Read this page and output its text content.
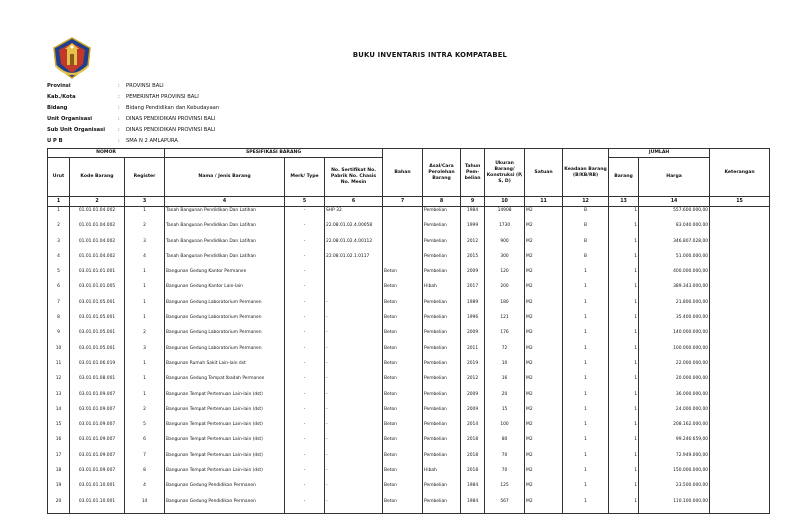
BUKU INVENTARIS INTRA KOMPATABEL
Provinsi	:	PROVINSI BALI
Kab./Kota	:	PEMERINTAH PROVINSI BALI
Bidang	:	Bidang Pendidikan dan Kebudayaan
Unit Organisasi	:	DINAS PENDIDIKAN PROVINSI BALI
Sub Unit Organisasi	:	DINAS PENDIDIKAN PROVINSI BALI
U P B	:	SMA N 2 AMLAPURA
NOMOR			SPESIFIKASI BARANG			Bahan	Asal/Cara Perolehan Barang	Tahun Pem- belian	Ukuran Barang/ Konstruksi (P, S, D)	Satuan	Keadaan Barang (B/KB/RB)	JUMLAH		Keterangan
Urut	Kode Barang	Register	Nama / Jenis Barang	Merk/ Type	No. Sertifikat No. Pabrik No. Chasis No. Mesin							Barang	Harga	
1	2	3	4	5	6	7	8	9	10	11	12	13	14	15
1	01.01.01.04.002	1	Tanah Bangunan Pendidikan Dan Latihan	-	SHP 32		Pembelian	1984	14908	M2	B	1	557.600.000,00	
2	01.01.01.04.002	2	Tanah Bangunan Pendidikan Dan Latihan	-	22.08.01.02.4.00058		Pembelian	1999	1730	M2	B	1	83.040.000,00	
3	01.01.01.04.002	3	Tanah Bangunan Pendidikan Dan Latihan	-	22.08.01.02.4.00112		Pembelian	2012	900	M2	B	1	346.807.028,00	
4	01.01.01.04.002	4	Tanah Bangunan Pendidikan Dan Latihan	-	22.08.01.02.1.0117		Pembelian	2015	300	M2	B	1	51.000.000,00	
5	03.01.01.01.001	1	Bangunan Gedung Kantor Permanen	-		Beton	Pembelian	2009	120	M2	1	1	400.000.000,00	
6	03.01.01.01.005	1	Bangunan Gedung Kantor Lain-lain	-		Beton	Hibah	2017	200	M2	1	1	389.343.000,00	
7	03.01.01.05.001	1	Bangunan Gedung Laboratorium Permanen	-	-	Beton	Pembelian	1989	180	M2	1	1	21.800.000,00	
8	03.01.01.05.001	1	Bangunan Gedung Laboratorium Permanen	-	-	Beton	Pembelian	1996	121	M2	1	1	35.400.000,00	
9	03.01.01.05.001	2	Bangunan Gedung Laboratorium Permanen	-	-	Beton	Pembelian	2009	176	M2	1	1	140.000.000,00	
10	03.01.01.05.001	3	Bangunan Gedung Laboratorium Permanen	-	-	Beton	Pembelian	2011	72	M2	1	1	100.000.000,00	
11	03.01.01.06.019	1	Bangunan Rumah Sakit Lain-lain dst	-	-	Beton	Pembelian	2019	10	M2	1	1	22.000.000,00	
12	03.01.01.08.001	1	Bangunan Gedung Tempat Ibadah Permanen	-	-	Beton	Pembelian	2012	16	M2	1	1	20.000.000,00	
13	03.01.01.09.007	1	Bangunan Tempat Pertemuan Lain-lain (dst)	-	-	Beton	Pembelian	2009	20	M2	1	1	36.000.000,00	
14	03.01.01.09.007	2	Bangunan Tempat Pertemuan Lain-lain (dst)	-	-	Beton	Pembelian	2009	15	M2	1	1	24.000.000,00	
15	03.01.01.09.007	5	Bangunan Tempat Pertemuan Lain-lain (dst)	-	-	Beton	Pembelian	2014	100	M2	1	1	208.162.000,00	
16	03.01.01.09.007	6	Bangunan Tempat Pertemuan Lain-lain (dst)	-	-	Beton	Pembelian	2018	80	M2	1	1	99.246.659,00	
17	03.01.01.09.007	7	Bangunan Tempat Pertemuan Lain-lain (dst)	-	-	Beton	Pembelian	2018	70	M2	1	1	72.949.000,00	
18	03.01.01.09.007	8	Bangunan Tempat Pertemuan Lain-lain (dst)	-	-	Beton	Hibah	2018	70	M2	1	1	150.000.000,00	
19	03.01.01.10.001	4	Bangunan Gedung Pendidikan Permanen	-	-	Beton	Pembelian	1984	125	M2	1	1	23.500.000,00	
20	03.01.01.10.001	14	Bangunan Gedung Pendidikan Permanen	-	-	Beton	Pembelian	1984	567	M2	1	1	110.100.000,00	
